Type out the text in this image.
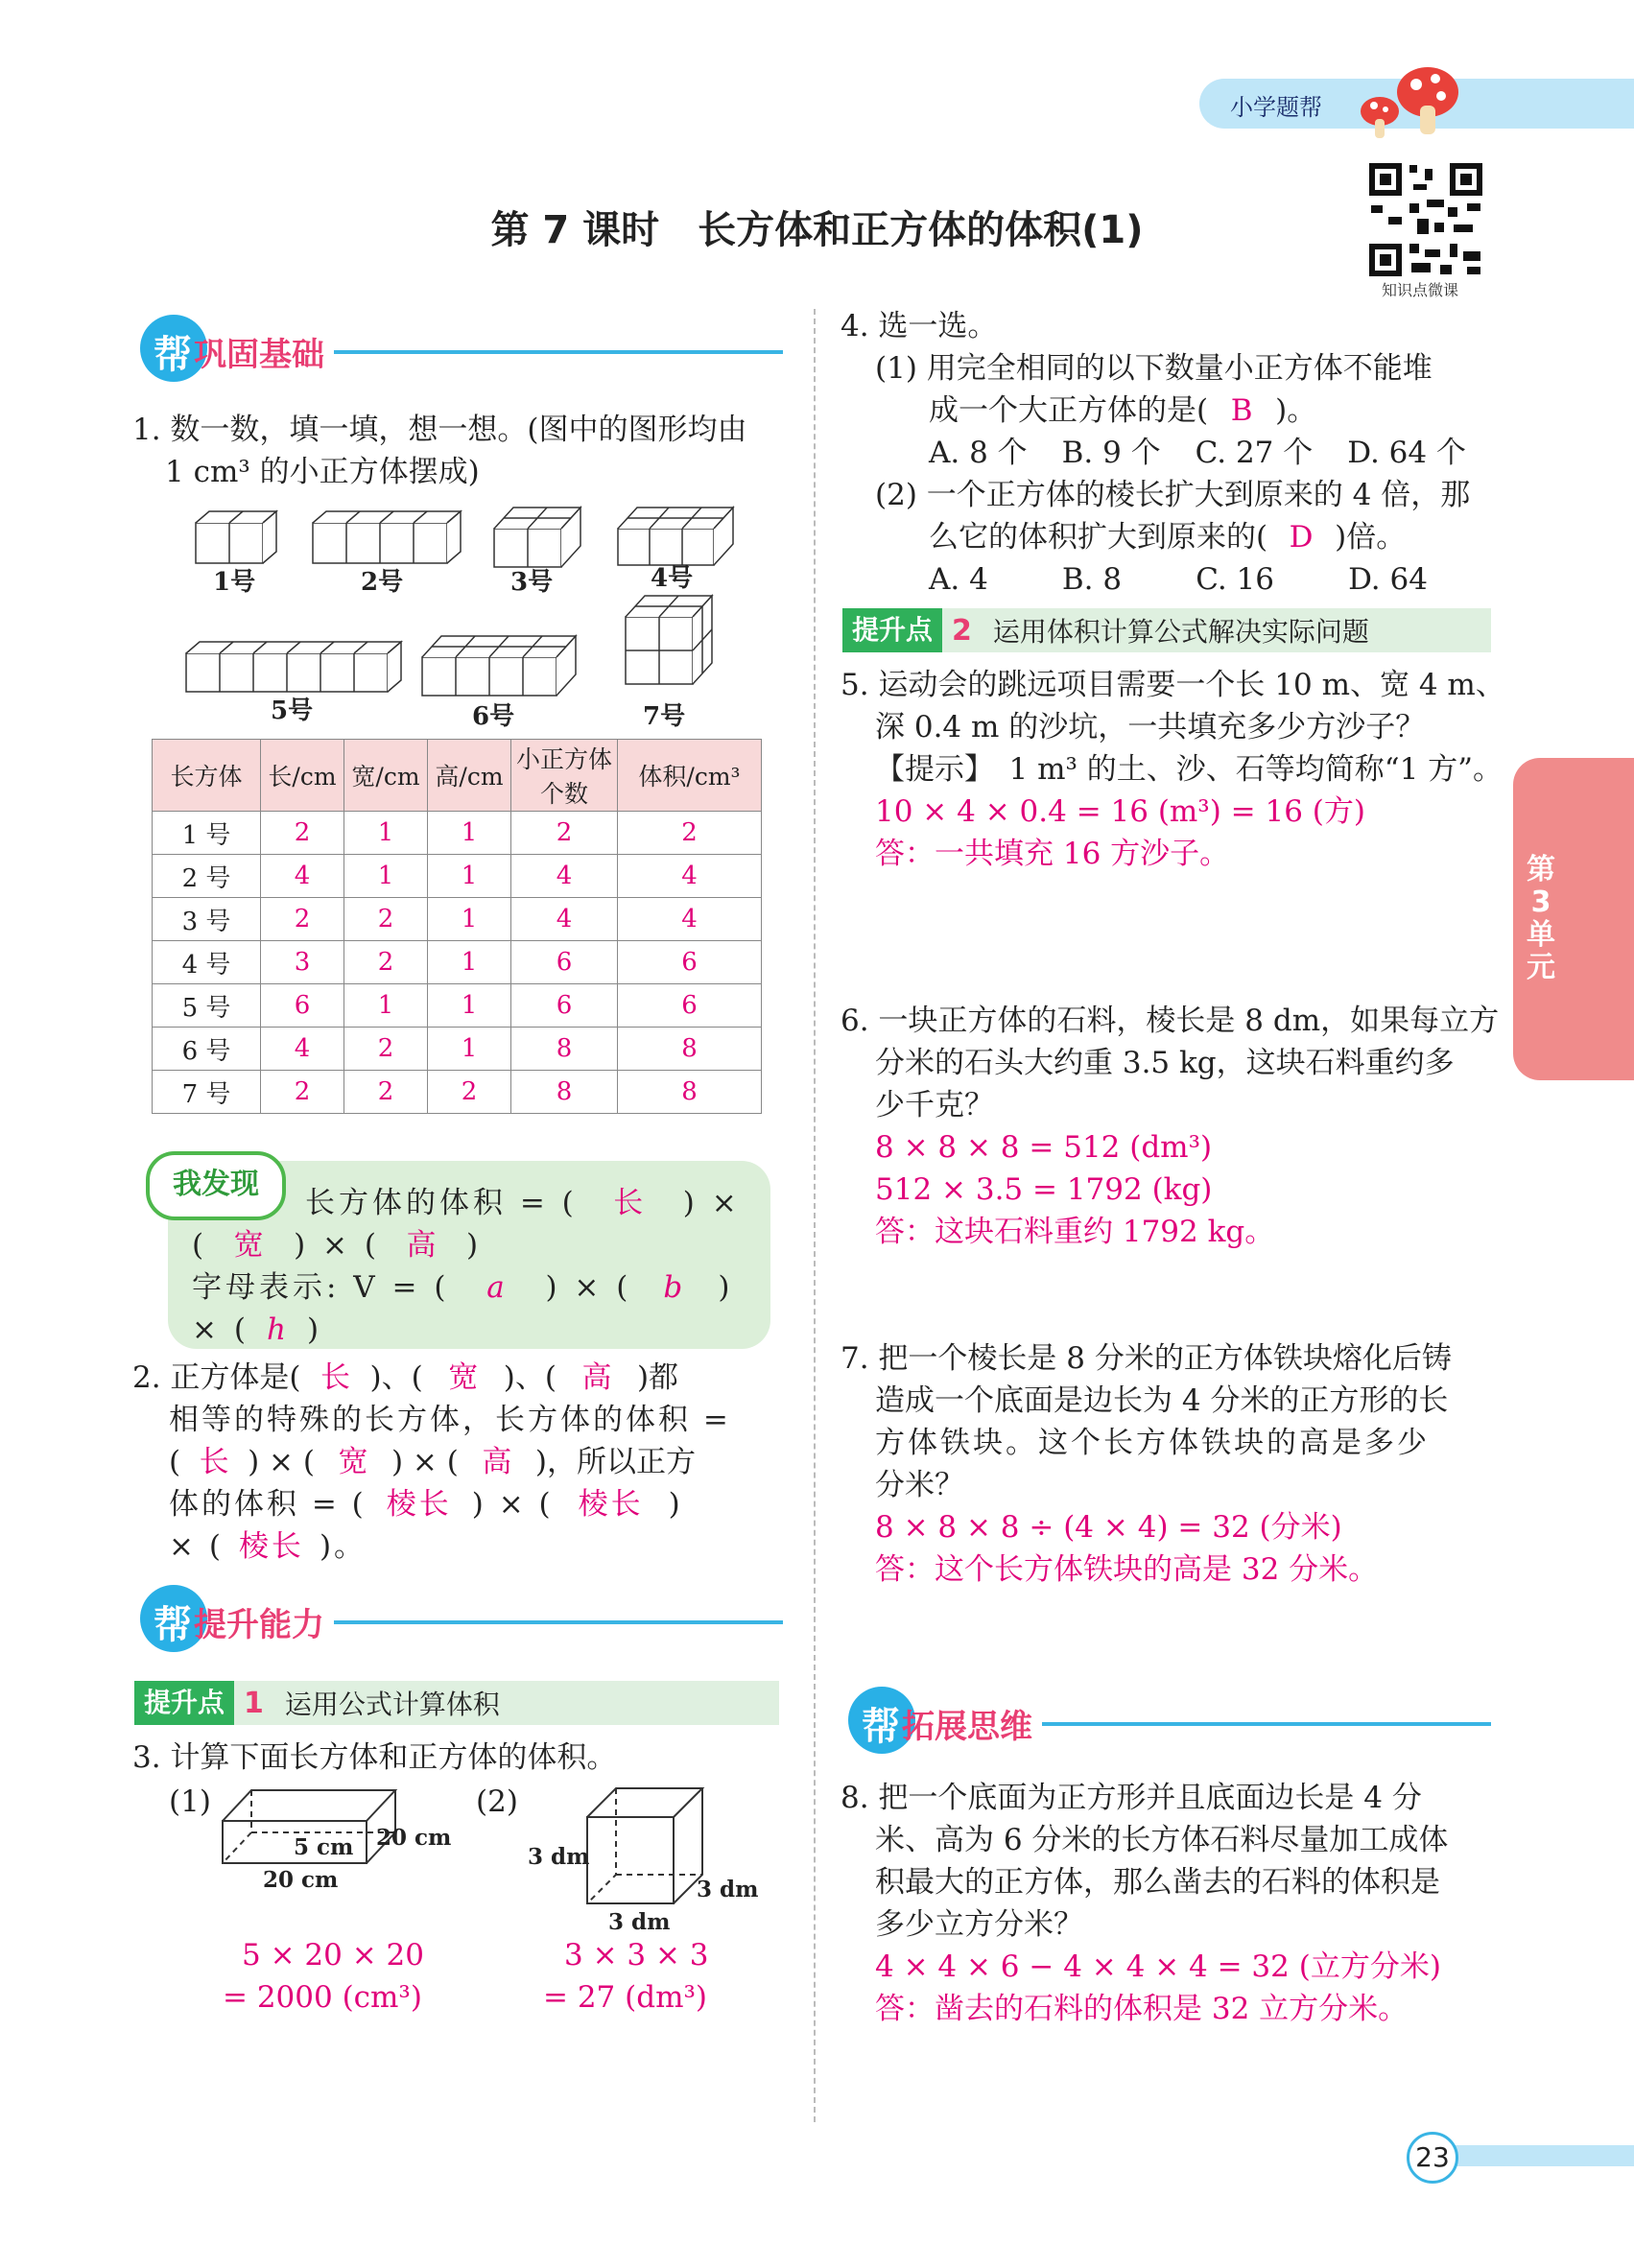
小学题帮
知识点微课
第 7 课时　长方体和正方体的体积(1)
帮 巩固基础
1. 数一数，填一填，想一想。(图中的图形均由
1 cm³ 的小正方体摆成)
1号	2号	3号	4号
5号	6号	7号
长方体	长/cm	宽/cm	高/cm	小正方体个数	体积/cm³
1 号	2	1	1	2	2
2 号	4	1	1	4	4
3 号	2	2	1	4	4
4 号	3	2	1	6	6
5 号	6	1	1	6	6
6 号	4	2	1	8	8
7 号	2	2	2	8	8
我发现
长方体的体积 = ( 长 ) ×
( 宽 ) × ( 高 )
字母表示: V = ( a ) × ( b )
× ( h )
2. 正方体是( 长 )、( 宽 )、( 高 )都
相等的特殊的长方体，长方体的体积 =
( 长 ) × ( 宽 ) × ( 高 )，所以正方
体的体积 = ( 棱长 ) × ( 棱长 )
× ( 棱长 )。
帮 提升能力
提升点 1 运用公式计算体积
3. 计算下面长方体和正方体的体积。
(1)	(2)
5 cm 20 cm
20 cm
3 dm
3 dm
3 dm
5 × 20 × 20
= 2000 (cm³)
3 × 3 × 3
= 27 (dm³)
4. 选一选。
(1) 用完全相同的以下数量小正方体不能堆
成一个大正方体的是( B )。
A. 8 个 B. 9 个 C. 27 个 D. 64 个
(2) 一个正方体的棱长扩大到原来的 4 倍，那
么它的体积扩大到原来的( D )倍。
A. 4 B. 8 C. 16 D. 64
提升点 2 运用体积计算公式解决实际问题
5. 运动会的跳远项目需要一个长 10 m、宽 4 m、
深 0.4 m 的沙坑，一共填充多少方沙子？
【提示】　1 m³ 的土、沙、石等均简称“1 方”。
10 × 4 × 0.4 = 16 (m³) = 16 (方)
答：一共填充 16 方沙子。
6. 一块正方体的石料，棱长是 8 dm，如果每立方
分米的石头大约重 3.5 kg，这块石料重约多
少千克？
8 × 8 × 8 = 512 (dm³)
512 × 3.5 = 1792 (kg)
答：这块石料重约 1792 kg。
7. 把一个棱长是 8 分米的正方体铁块熔化后铸
造成一个底面是边长为 4 分米的正方形的长
方体铁块。这个长方体铁块的高是多少
分米？
8 × 8 × 8 ÷ (4 × 4) = 32 (分米)
答：这个长方体铁块的高是 32 分米。
帮 拓展思维
8. 把一个底面为正方形并且底面边长是 4 分
米、高为 6 分米的长方体石料尽量加工成体
积最大的正方体，那么凿去的石料的体积是
多少立方分米？
4 × 4 × 6 − 4 × 4 × 4 = 32 (立方分米)
答：凿去的石料的体积是 32 立方分米。
第3单元
23
